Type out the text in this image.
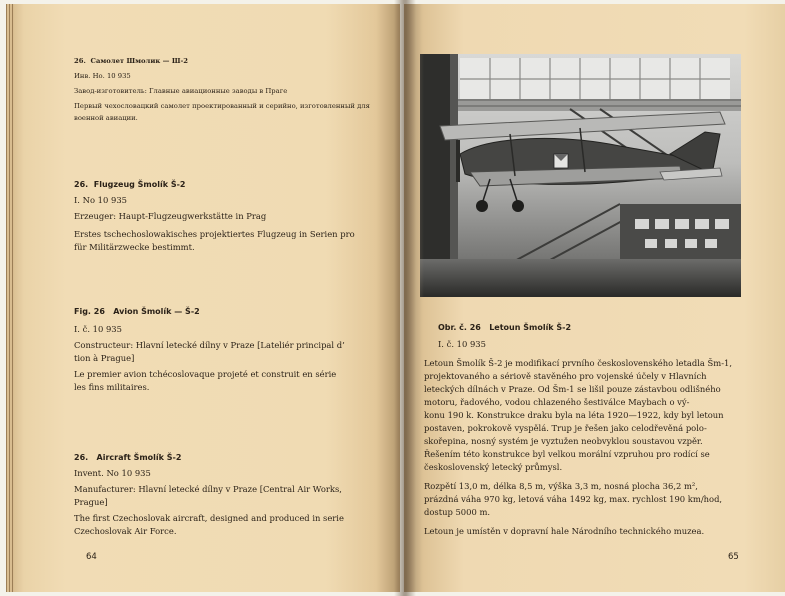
26.  Самолет Шмолик — Ш-2
Инв. Но. 10 935
Завод-изготовитель: Главные авиационные заводы в Праге
Первый чехословацкий самолет проектированный и серийно, изготовленный для
военной авиации.
26.  Flugzeug Šmolík Š-2
I. No 10 935
Erzeuger: Haupt-Flugzeugwerkstätte in Prag
Erstes tschechoslowakisches projektiertes Flugzeug in Serien pro
für Militärzwecke bestimmt.
Fig. 26   Avion Šmolík — Š-2
I. č. 10 935
Constructeur: Hlavní letecké dílny v Praze [Lateliér principal d’
tion à Prague]
Le premier avion tchécoslovaque projeté et construit en série
les fins militaires.
26.   Aircraft Šmolík Š-2
Invent. No 10 935
Manufacturer: Hlavní letecké dílny v Praze [Central Air Works,
Prague]
The first Czechoslovak aircraft, designed and produced in serie
Czechoslovak Air Force.
64
Obr. č. 26   Letoun Šmolík Š-2
I. č. 10 935
Letoun Šmolík Š-2 je modifikací prvního československého letadla Šm-1,
projektovaného a sériově stavěného pro vojenské účely v Hlavních
leteckých dílnách v Praze. Od Šm-1 se lišil pouze zástavbou odlišného
motoru, řadového, vodou chlazeného šestiválce Maybach o vý-
konu 190 k. Konstrukce draku byla na léta 1920—1922, kdy byl letoun
postaven, pokrokově vyspělá. Trup je řešen jako celodřevěná polo-
skořepina, nosný systém je vyztužen neobvyklou soustavou vzpěr.
Řešením této konstrukce byl velkou morální vzpruhou pro rodící se
československý letecký průmysl.
Rozpětí 13,0 m, délka 8,5 m, výška 3,3 m, nosná plocha 36,2 m²,
prázdná váha 970 kg, letová váha 1492 kg, max. rychlost 190 km/hod,
dostup 5000 m.
Letoun je umístěn v dopravní hale Národního technického muzea.
65
